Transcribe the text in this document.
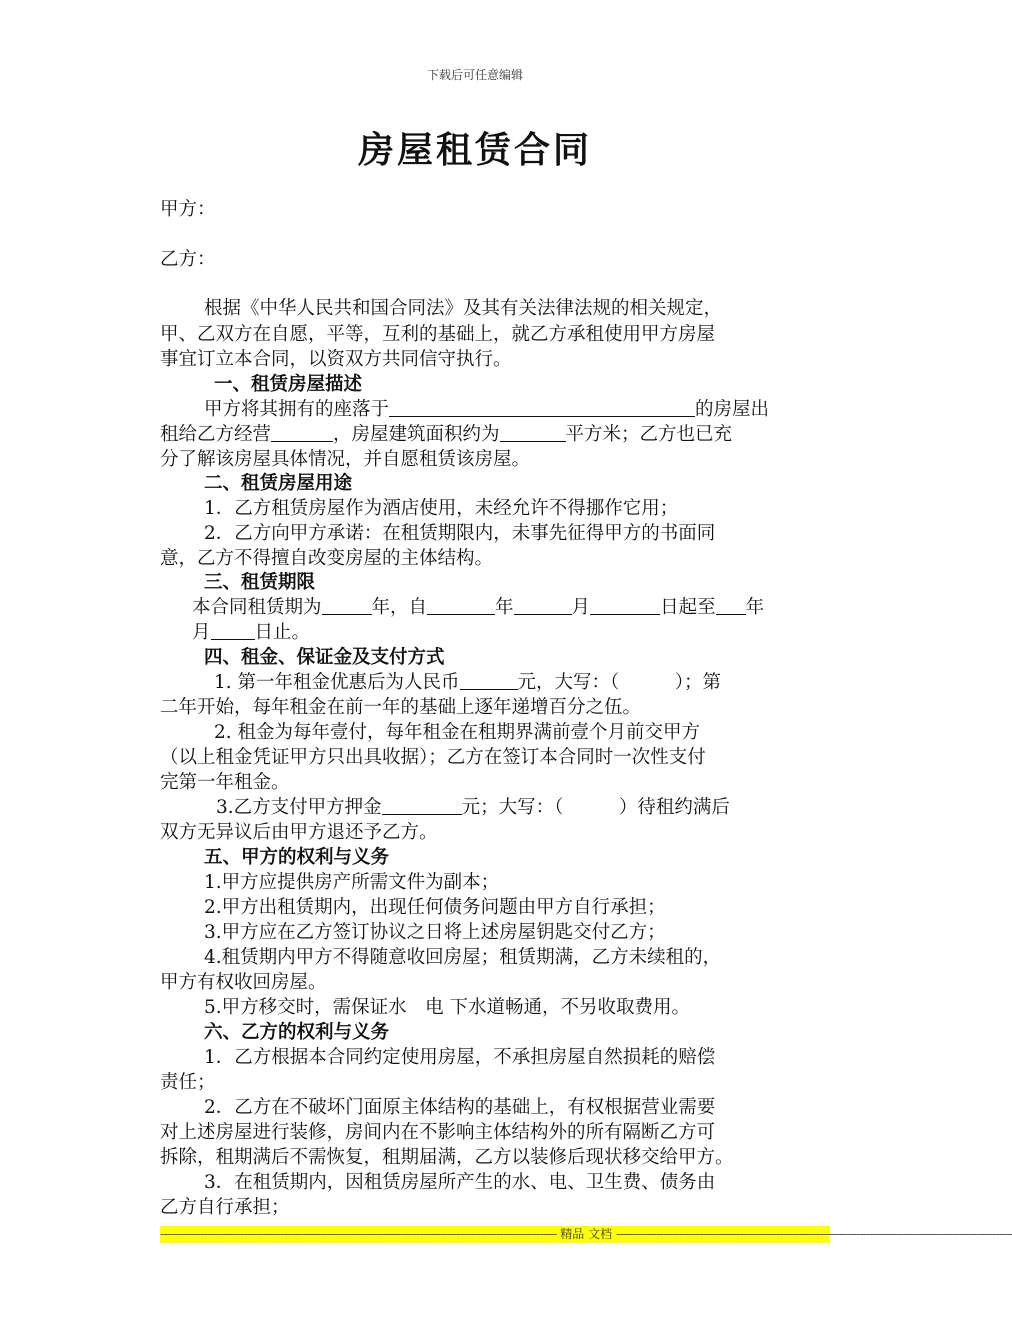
下载后可任意编辑
房屋租赁合同
甲方：
乙方：
根据《中华人民共和国合同法》及其有关法律法规的相关规定，
甲、乙双方在自愿，平等，互利的基础上，就乙方承租使用甲方房屋
事宜订立本合同，以资双方共同信守执行。
一、租赁房屋描述
甲方将其拥有的座落于	的房屋出
租给乙方经营	，房屋建筑面积约为	平方米；乙方也已充
分了解该房屋具体情况，并自愿租赁该房屋。
二、租赁房屋用途
1．乙方租赁房屋作为酒店使用，未经允许不得挪作它用；
2．乙方向甲方承诺：在租赁期限内，未事先征得甲方的书面同
意，乙方不得擅自改变房屋的主体结构。
三、租赁期限
本合同租赁期为	年，自	年	月	日起至 年
月 日止。
四、租金、保证金及支付方式
1. 第一年租金优惠后为人民币	元，大写：（　　　）；第
二年开始，每年租金在前一年的基础上逐年递增百分之伍。
2. 租金为每年壹付，每年租金在租期界满前壹个月前交甲方
（以上租金凭证甲方只出具收据）；乙方在签订本合同时一次性支付
完第一年租金。
3.乙方支付甲方押金	元；大写：（　　　）待租约满后
双方无异议后由甲方退还予乙方。
五、甲方的权利与义务
1.甲方应提供房产所需文件为副本；
2.甲方出租赁期内，出现任何债务问题由甲方自行承担；
3.甲方应在乙方签订协议之日将上述房屋钥匙交付乙方；
4.租赁期内甲方不得随意收回房屋；租赁期满，乙方未续租的，
甲方有权收回房屋。
5.甲方移交时，需保证水　电 下水道畅通，不另收取费用。
六、乙方的权利与义务
1．乙方根据本合同约定使用房屋，不承担房屋自然损耗的赔偿
责任；
2．乙方在不破坏门面原主体结构的基础上，有权根据营业需要
对上述房屋进行装修，房间内在不影响主体结构外的所有隔断乙方可
拆除，租期满后不需恢复，租期届满，乙方以装修后现状移交给甲方。
3．在租赁期内，因租赁房屋所产生的水、电、卫生费、债务由
乙方自行承担；
----------------------------------------------------------------------------------------------------------------------- 精品 文档 -----------------------------------------------------------------------------------------------------------------------
